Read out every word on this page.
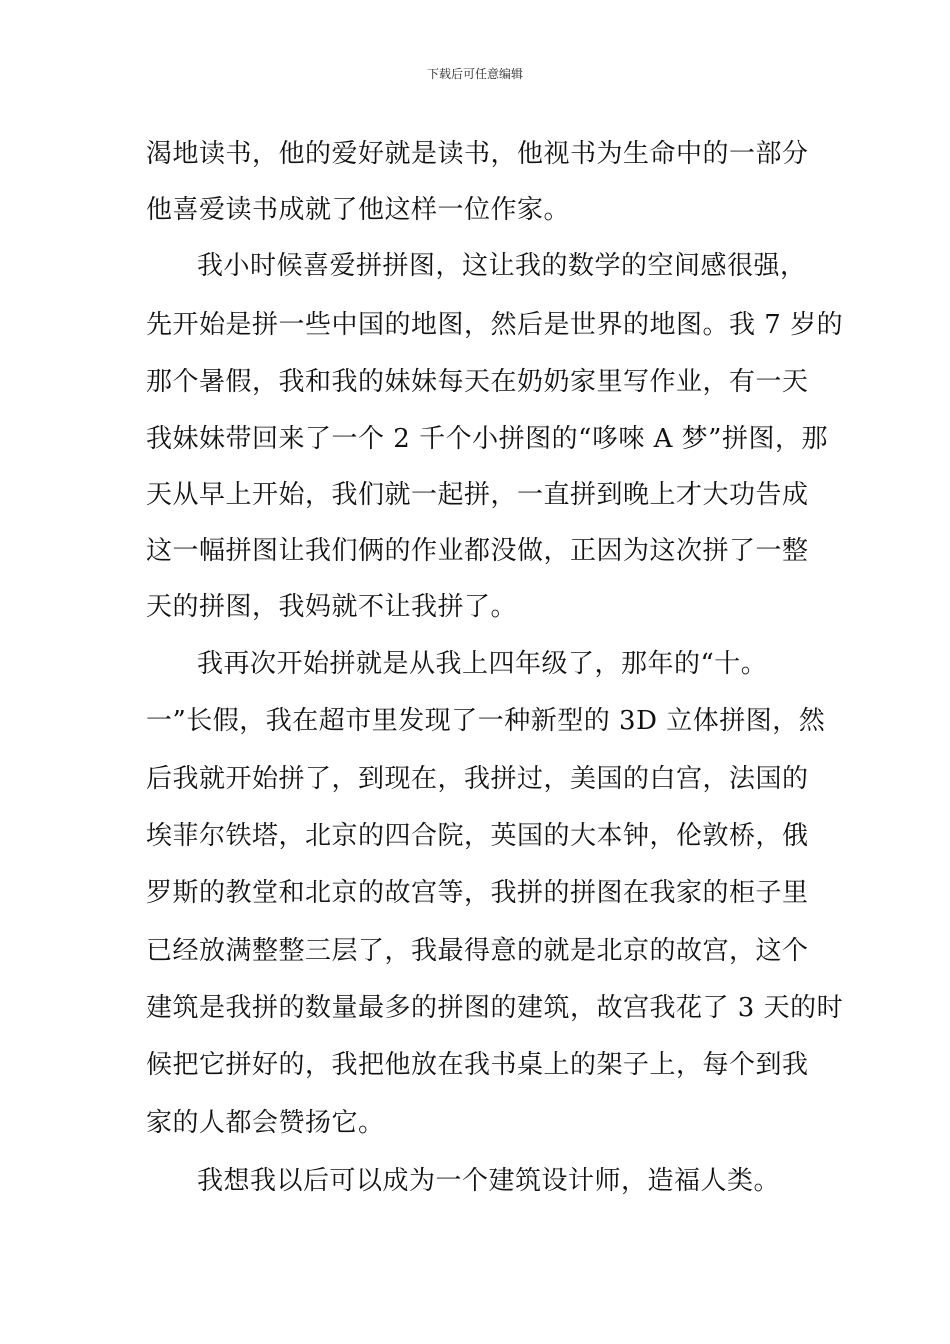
下载后可任意编辑
渴地读书，他的爱好就是读书，他视书为生命中的一部分
他喜爱读书成就了他这样一位作家。
我小时候喜爱拼拼图，这让我的数学的空间感很强，
先开始是拼一些中国的地图，然后是世界的地图。我 7 岁的
那个暑假，我和我的妹妹每天在奶奶家里写作业，有一天
我妹妹带回来了一个 2 千个小拼图的“哆唻 A 梦”拼图，那
天从早上开始，我们就一起拼，一直拼到晚上才大功告成
这一幅拼图让我们俩的作业都没做，正因为这次拼了一整
天的拼图，我妈就不让我拼了。
我再次开始拼就是从我上四年级了，那年的“十。
一”长假，我在超市里发现了一种新型的 3D 立体拼图，然
后我就开始拼了，到现在，我拼过，美国的白宫，法国的
埃菲尔铁塔，北京的四合院，英国的大本钟，伦敦桥，俄
罗斯的教堂和北京的故宫等，我拼的拼图在我家的柜子里
已经放满整整三层了，我最得意的就是北京的故宫，这个
建筑是我拼的数量最多的拼图的建筑，故宫我花了 3 天的时
候把它拼好的，我把他放在我书桌上的架子上，每个到我
家的人都会赞扬它。
我想我以后可以成为一个建筑设计师，造福人类。
